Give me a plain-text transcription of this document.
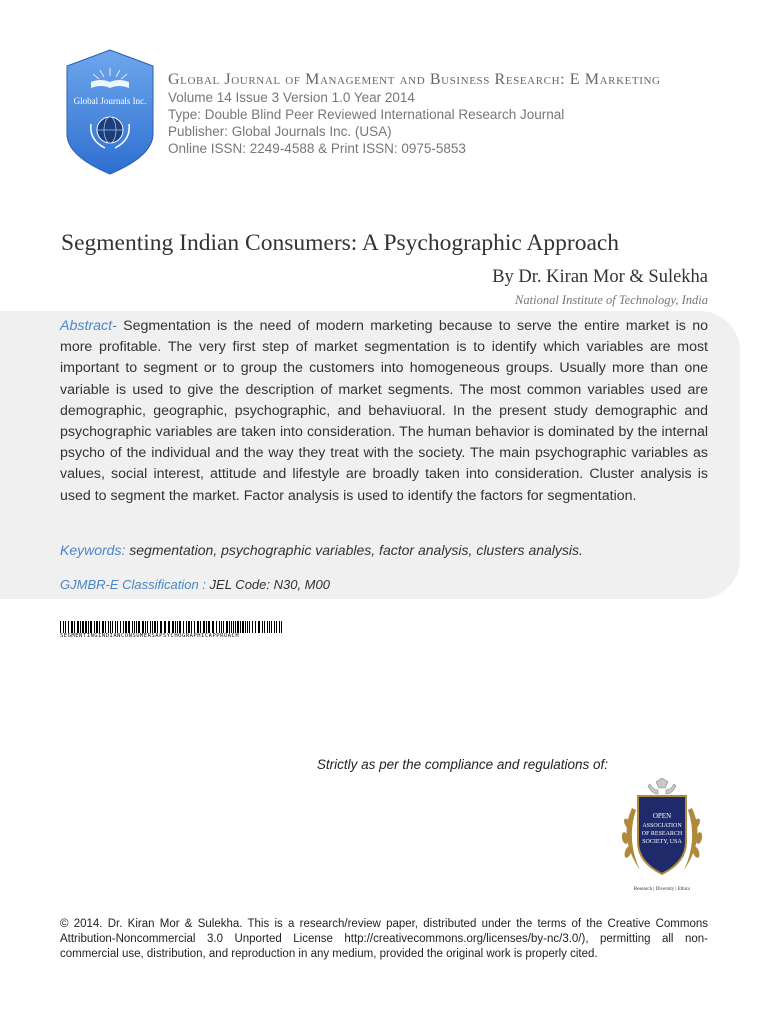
Global Journals Inc.
Global Journal of Management and Business Research: E Marketing
Volume 14 Issue 3 Version 1.0 Year 2014
Type: Double Blind Peer Reviewed International Research Journal
Publisher: Global Journals Inc. (USA)
Online ISSN: 2249-4588 & Print ISSN: 0975-5853
Segmenting Indian Consumers: A Psychographic Approach
By Dr. Kiran Mor & Sulekha
National Institute of Technology, India
Abstract- Segmentation is the need of modern marketing because to serve the entire market is no more profitable. The very first step of market segmentation is to identify which variables are most important to segment or to group the customers into homogeneous groups. Usually more than one variable is used to give the description of market segments. The most common variables used are demographic, geographic, psychographic, and behaviuoral. In the present study demographic and psychographic variables are taken into consideration. The human behavior is dominated by the internal psycho of the individual and the way they treat with the society. The main psychographic variables as values, social interest, attitude and lifestyle are broadly taken into consideration. Cluster analysis is used to segment the market. Factor analysis is used to identify the factors for segmentation.
Keywords: segmentation, psychographic variables, factor analysis, clusters analysis.
GJMBR-E Classification : JEL Code: N30, M00
SEGMENTINGINDIANCONSUMERSAPSYCHOGRAPHICAPPROACH
Strictly as per the compliance and regulations of:
OPEN
ASSOCIATION
OF RESEARCH
SOCIETY, USA
Research | Diversity | Ethics
© 2014. Dr. Kiran Mor & Sulekha. This is a research/review paper, distributed under the terms of the Creative Commons Attribution-Noncommercial 3.0 Unported License http://creativecommons.org/licenses/by-nc/3.0/), permitting all non-commercial use, distribution, and reproduction in any medium, provided the original work is properly cited.
